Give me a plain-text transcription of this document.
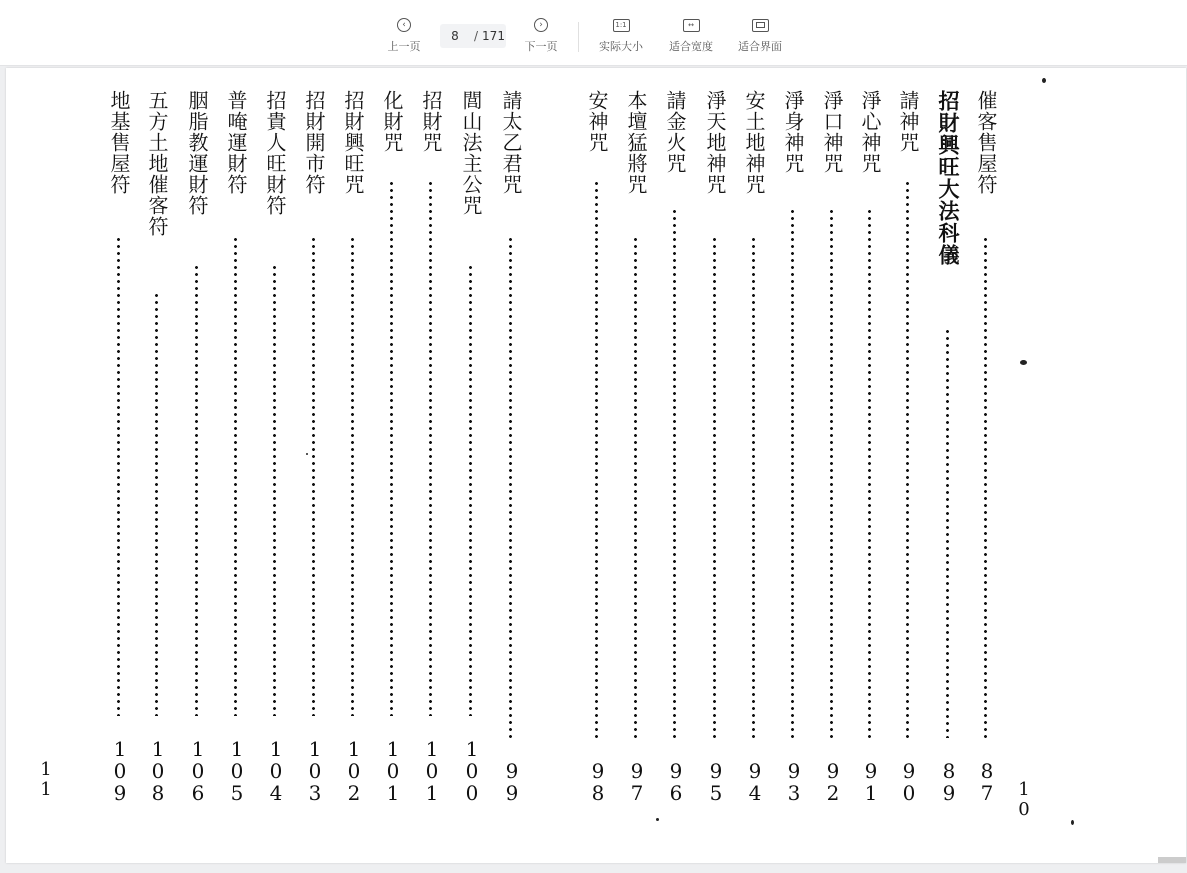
‹
上一页
8	/ 171
›
下一页
1:1
实际大小
↔
适合宽度 适合界面
催客售屋符
8
7
招財興旺大法科儀
8
9
請神咒
9
0
淨心神咒
9
1
淨口神咒
9
2
淨身神咒
9
3
安土地神咒
9
4
淨天地神咒
9
5
請金火咒
9
6
本壇猛將咒
9
7
安神咒
9
8
請太乙君咒
9
9
閭山法主公咒
1
0
0
招財咒
1
0
1
化財咒
1
0
1
招財興旺咒
1
0
2
招財開市符
1
0
3
招貴人旺財符
1
0
4
普唵運財符
1
0
5
胭脂教運財符
1
0
6
五方土地催客符
1
0
8
地基售屋符
1
0
9	1
0
1
1
